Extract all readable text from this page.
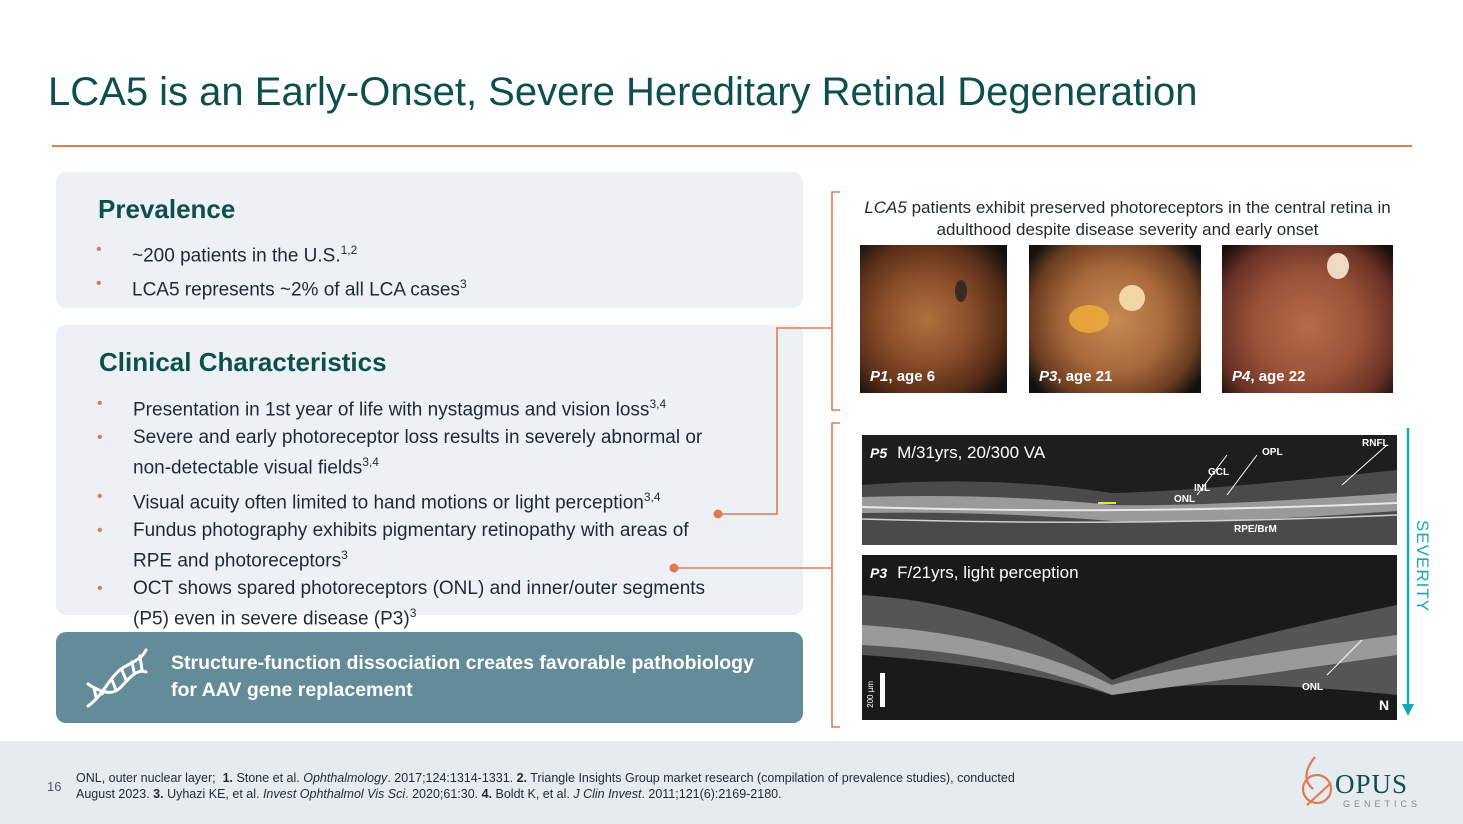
LCA5 is an Early-Onset, Severe Hereditary Retinal Degeneration
Prevalence
• ~200 patients in the U.S.$^{1,2}$
• LCA5 represents ~2% of all LCA cases$^3$
Clinical Characteristics
• Presentation in 1st year of life with nystagmus and vision loss$^{3,4}$
• Severe and early photoreceptor loss results in severely abnormal or non-detectable visual fields$^{3,4}$
• Visual acuity often limited to hand motions or light perception$^{3,4}$
• Fundus photography exhibits pigmentary retinopathy with areas of RPE and photoreceptors$^3$
• OCT shows spared photoreceptors (ONL) and inner/outer segments (P5) even in severe disease $(P3)^3$
Structure-function dissociation creates favorable pathobiology for AAV gene replacement
LCA5 patients exhibit preserved photoreceptors in the central retina in adulthood despite disease severity and early onset
P1, age 6	P3, age 21	P4, age 22
P5 M/31yrs, 20/300 VA	RNFL
OPL
GCL
INL
ONL
RPE/BrM
P3 F/21yrs, light perception
ONL
N
200 µm
SEVERITY
16
ONL, outer nuclear layer;  1. Stone et al. Ophthalmology. 2017;124:1314-1331. 2. Triangle Insights Group market research (compilation of prevalence studies), conducted August 2023. 3. Uyhazi KE, et al. Invest Ophthalmol Vis Sci. 2020;61:30. 4. Boldt K, et al. J Clin Invest. 2011;121(6):2169-2180.	OPUS
GENETICS
